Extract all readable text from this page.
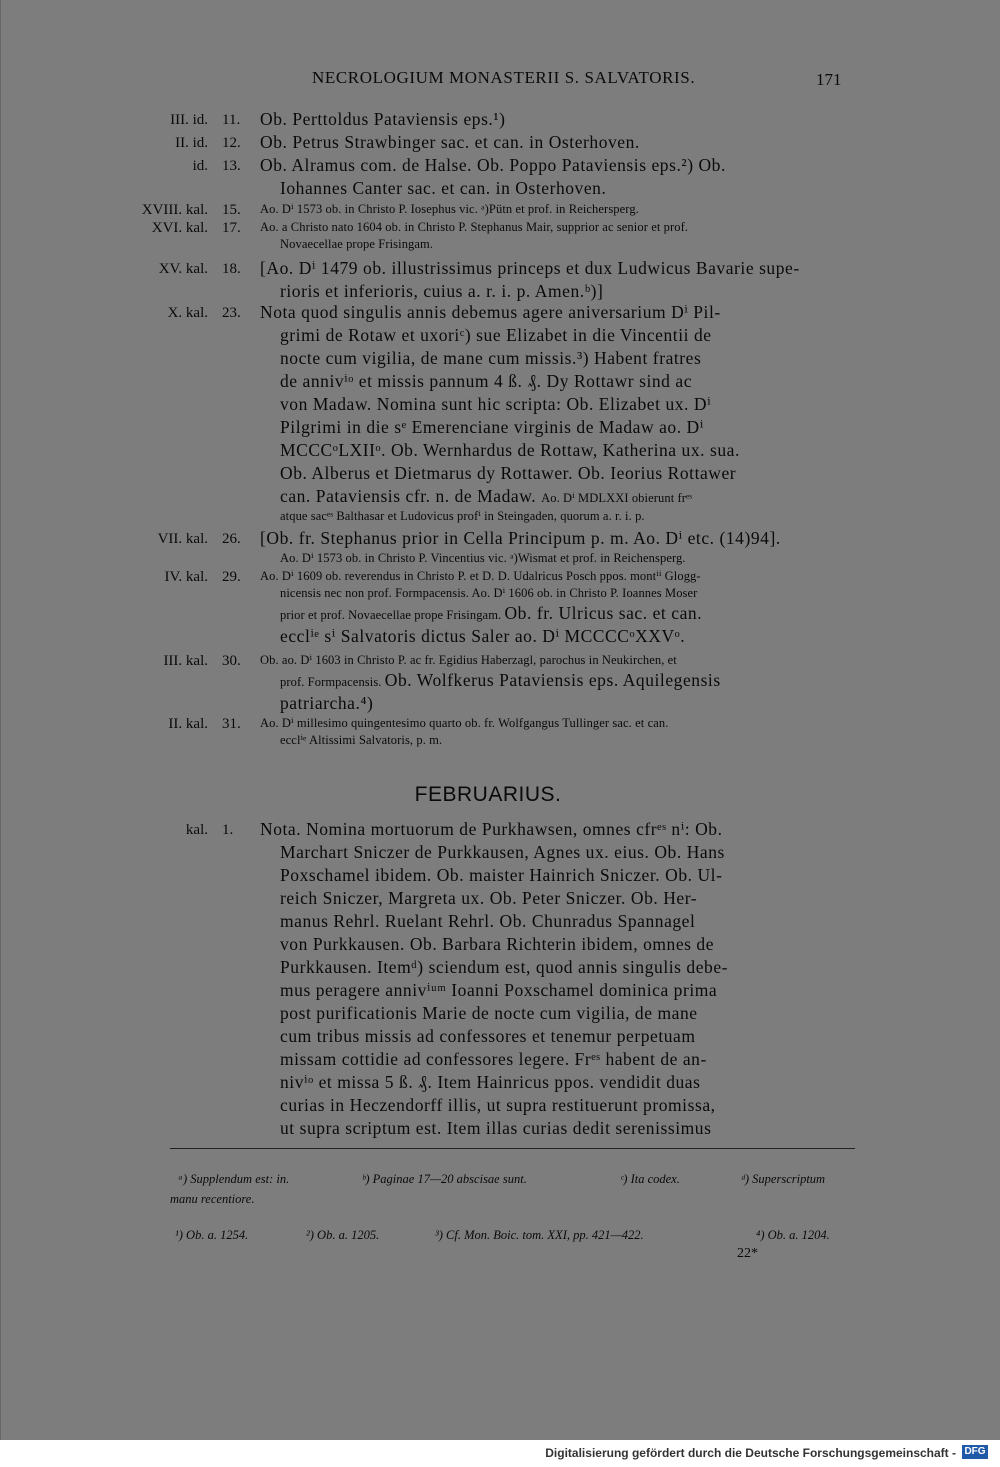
NECROLOGIUM MONASTERII S. SALVATORIS.	171
III. id. 11.	Ob. Perttoldus Pataviensis eps.¹)
II. id. 12.	Ob. Petrus Strawbinger sac. et can. in Osterhoven.
id. 13.	Ob. Alramus com. de Halse. Ob. Poppo Pataviensis eps.²) Ob.
Iohannes Canter sac. et can. in Osterhoven.
XVIII. kal. 15.	Ao. Dⁱ 1573 ob. in Christo P. Iosephus vic. ᵃ)Pütn et prof. in Reichersperg.
XVI. kal. 17.	Ao. a Christo nato 1604 ob. in Christo P. Stephanus Mair, supprior ac senior et prof.
Novaecellae prope Frisingam.
XV. kal. 18.	[Ao. Dⁱ 1479 ob. illustrissimus princeps et dux Ludwicus Bavarie supe-
rioris et inferioris, cuius a. r. i. p. Amen.ᵇ)]
X. kal. 23.	Nota quod singulis annis debemus agere aniversarium Dⁱ Pil-
grimi de Rotaw et uxoriᶜ) sue Elizabet in die Vincentii de
nocte cum vigilia, de mane cum missis.³) Habent fratres
de annivⁱᵒ et missis pannum 4 ß. ₰. Dy Rottawr sind ac
von Madaw. Nomina sunt hic scripta: Ob. Elizabet ux. Dⁱ
Pilgrimi in die sᵉ Emerenciane virginis de Madaw ao. Dⁱ
MCCCᵒLXIIᵒ. Ob. Wernhardus de Rottaw, Katherina ux. sua.
Ob. Alberus et Dietmarus dy Rottawer. Ob. Ieorius Rottawer
can. Pataviensis cfr. n. de Madaw. Ao. Dⁱ MDLXXI obierunt frᵉˢ
atque sacᵉˢ Balthasar et Ludovicus profⁱ in Steingaden, quorum a. r. i. p.
VII. kal. 26.	[Ob. fr. Stephanus prior in Cella Principum p. m. Ao. Dⁱ etc. (14)94].
Ao. Dⁱ 1573 ob. in Christo P. Vincentius vic. ᵃ)Wismat et prof. in Reichensperg.
IV. kal. 29.	Ao. Dⁱ 1609 ob. reverendus in Christo P. et D. D. Udalricus Posch ppos. montⁱⁱ Glogg-
nicensis nec non prof. Formpacensis. Ao. Dⁱ 1606 ob. in Christo P. Ioannes Moser
prior et prof. Novaecellae prope Frisingam. Ob. fr. Ulricus sac. et can.
ecclⁱᵉ sⁱ Salvatoris dictus Saler ao. Dⁱ MCCCCᵒXXVᵒ.
III. kal. 30.	Ob. ao. Dⁱ 1603 in Christo P. ac fr. Egidius Haberzagl, parochus in Neukirchen, et
prof. Formpacensis. Ob. Wolfkerus Pataviensis eps. Aquilegensis
patriarcha.⁴)
II. kal. 31.	Ao. Dⁱ millesimo quingentesimo quarto ob. fr. Wolfgangus Tullinger sac. et can.
ecclⁱᵉ Altissimi Salvatoris, p. m.
FEBRUARIUS.
kal. 1.	Nota. Nomina mortuorum de Purkhawsen, omnes cfrᵉˢ nⁱ: Ob.
Marchart Sniczer de Purkkausen, Agnes ux. eius. Ob. Hans
Poxschamel ibidem. Ob. maister Hainrich Sniczer. Ob. Ul-
reich Sniczer, Margreta ux. Ob. Peter Sniczer. Ob. Her-
manus Rehrl. Ruelant Rehrl. Ob. Chunradus Spannagel
von Purkkausen. Ob. Barbara Richterin ibidem, omnes de
Purkkausen. Itemᵈ) sciendum est, quod annis singulis debe-
mus peragere annivⁱᵘᵐ Ioanni Poxschamel dominica prima
post purificationis Marie de nocte cum vigilia, de mane
cum tribus missis ad confessores et tenemur perpetuam
missam cottidie ad confessores legere. Frᵉˢ habent de an-
nivⁱᵒ et missa 5 ß. ₰. Item Hainricus ppos. vendidit duas
curias in Heczendorff illis, ut supra restituerunt promissa,
ut supra scriptum est. Item illas curias dedit serenissimus
ᵃ) Supplendum est: in.	ᵇ) Paginae 17—20 abscisae sunt.	ᶜ) Ita codex.	ᵈ) Superscriptum
manu recentiore.
¹) Ob. a. 1254.	²) Ob. a. 1205.	³) Cf. Mon. Boic. tom. XXI, pp. 421—422.	⁴) Ob. a. 1204.
22*
Digitalisierung gefördert durch die Deutsche Forschungsgemeinschaft - DFG
